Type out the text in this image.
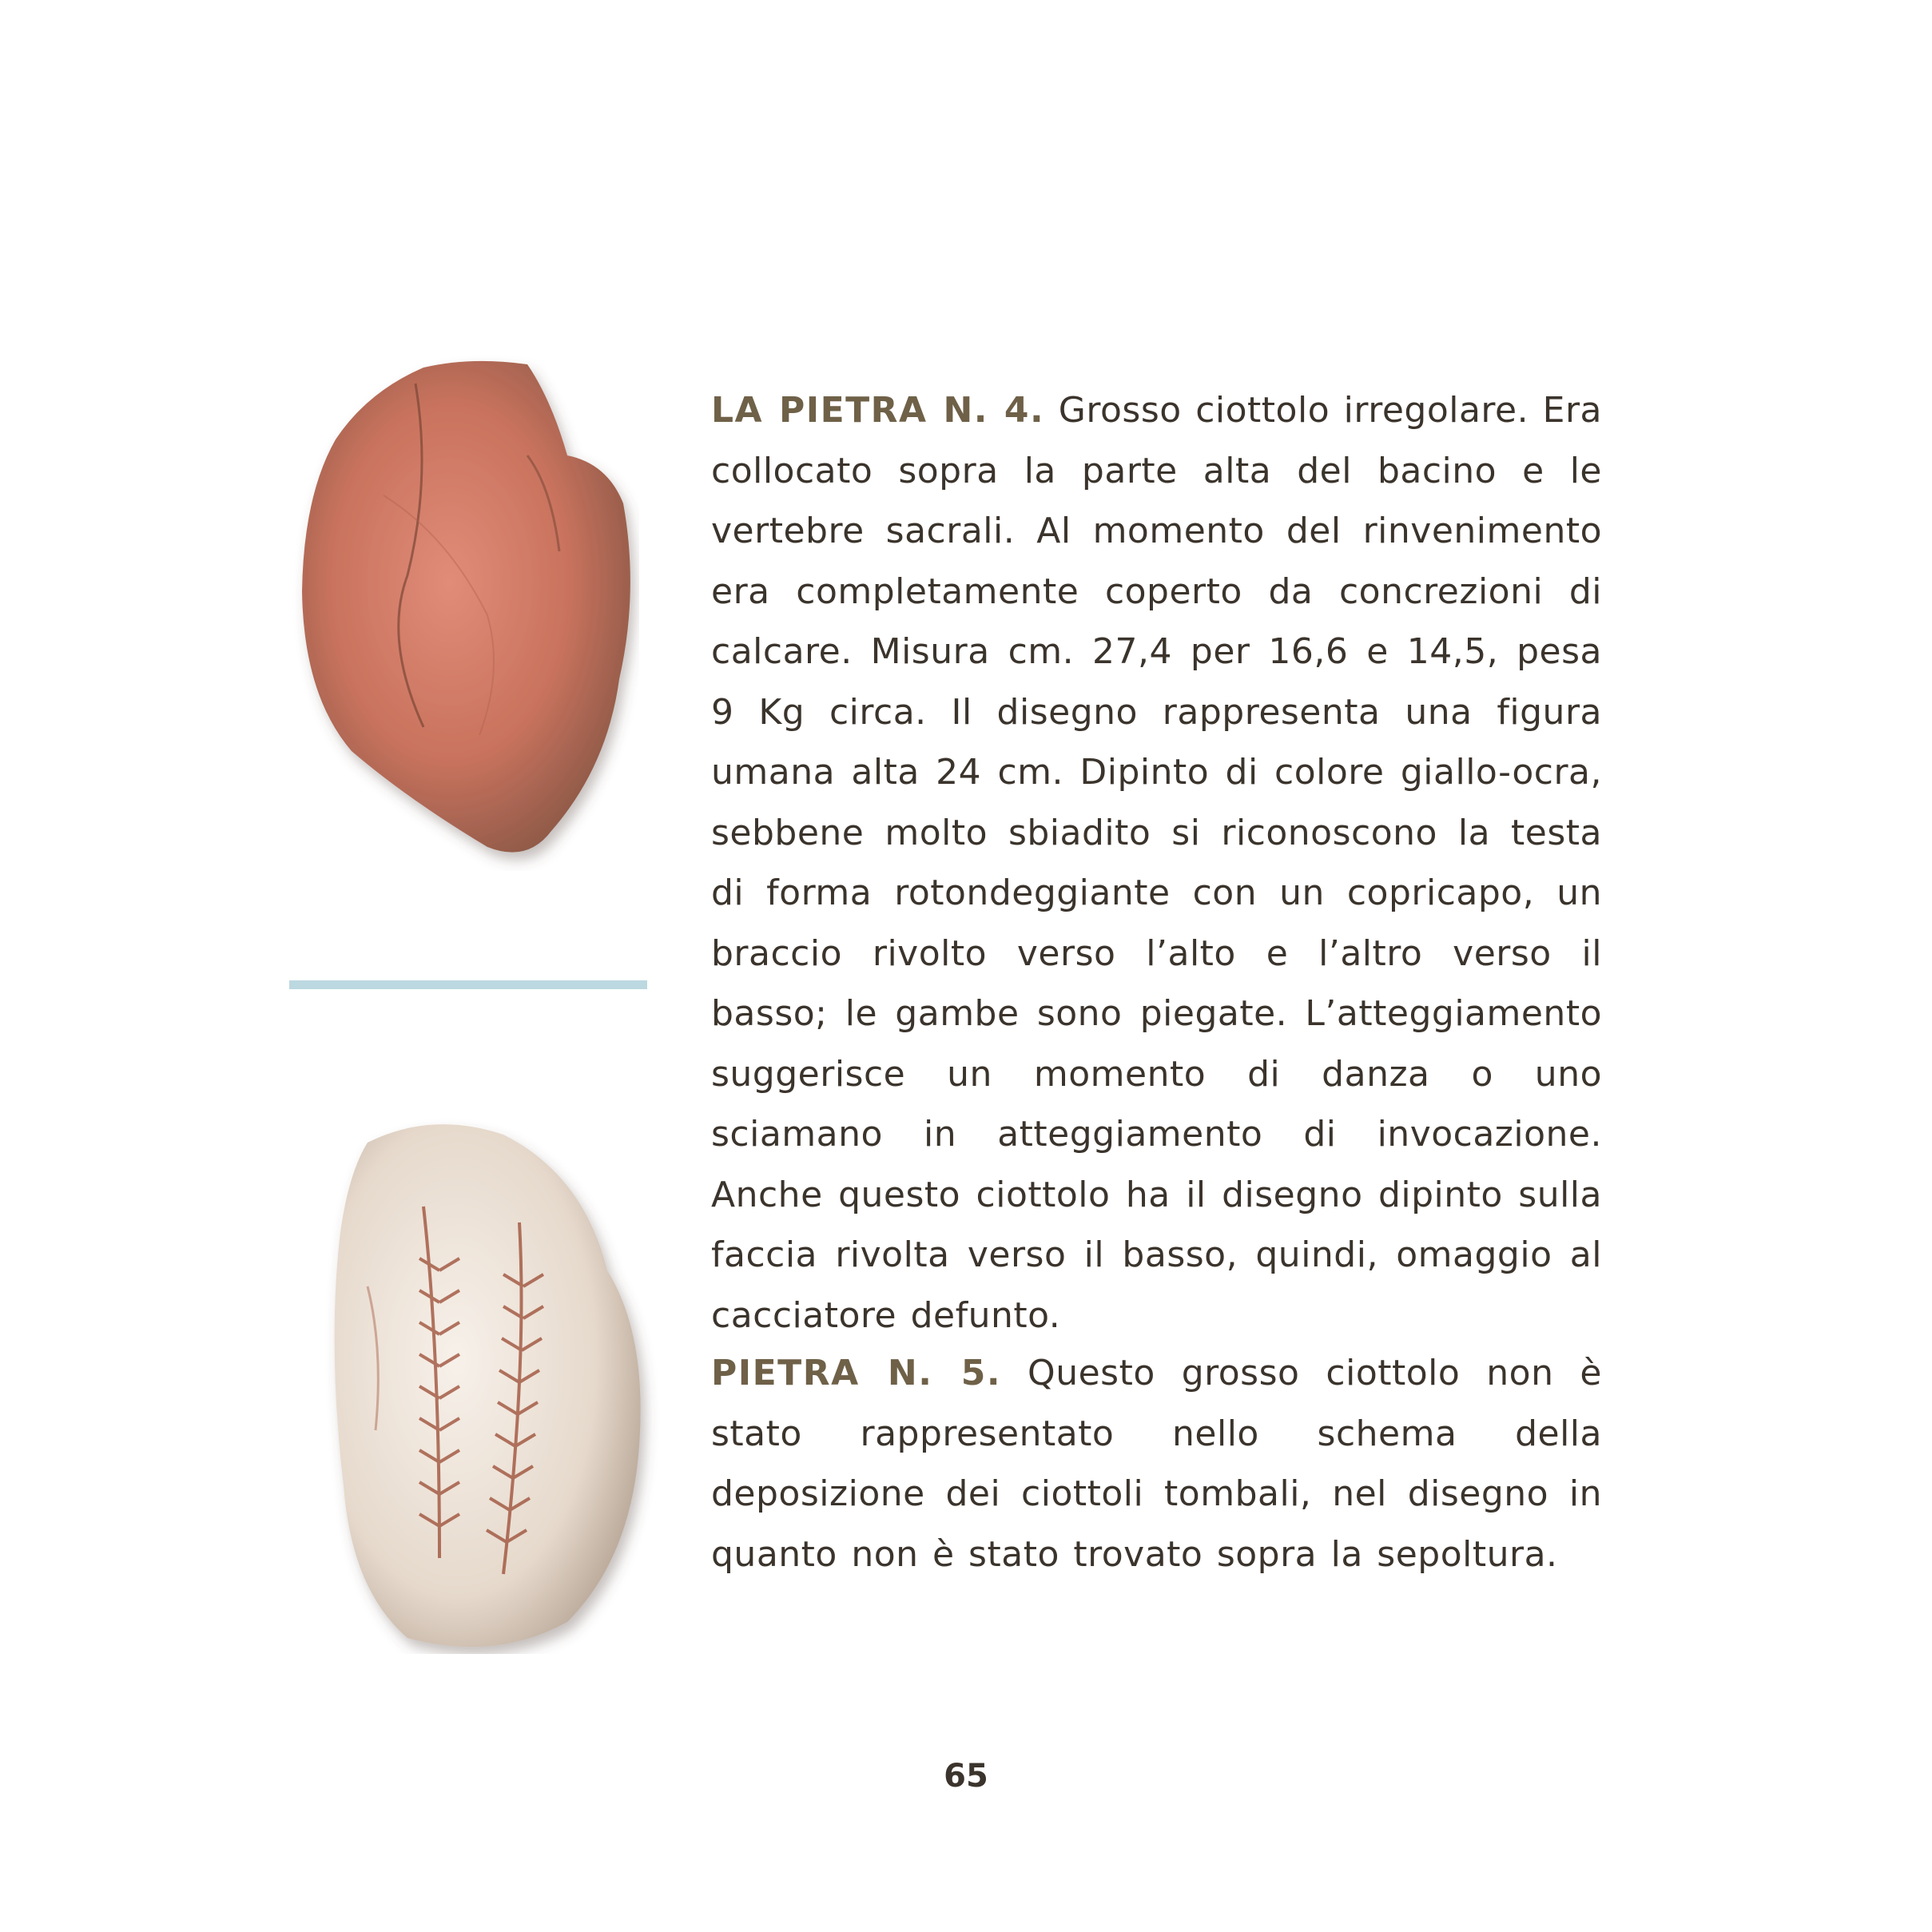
LA PIETRA N. 4. Grosso ciottolo irregolare. Era collocato sopra la parte alta del bacino e le vertebre sacrali. Al momento del rinvenimento era completamente coperto da concrezioni di calcare. Misura cm. 27,4 per 16,6 e 14,5, pesa 9 Kg circa. Il disegno rappresenta una figura umana alta 24 cm. Dipinto di colore giallo-ocra, sebbene molto sbiadito si riconoscono la testa di forma rotondeggiante con un copricapo, un braccio rivolto verso l’alto e l’altro verso il basso; le gambe sono piegate. L’atteggiamento suggerisce un momento di danza o uno sciamano in atteggiamento di invocazione. Anche questo ciottolo ha il disegno dipinto sulla faccia rivolta verso il basso, quindi, omaggio al cacciatore defunto.

PIETRA N. 5. Questo grosso ciottolo non è stato rappresentato nello schema della deposizione dei ciottoli tombali, nel disegno in quanto non è stato trovato sopra la sepoltura.

65
